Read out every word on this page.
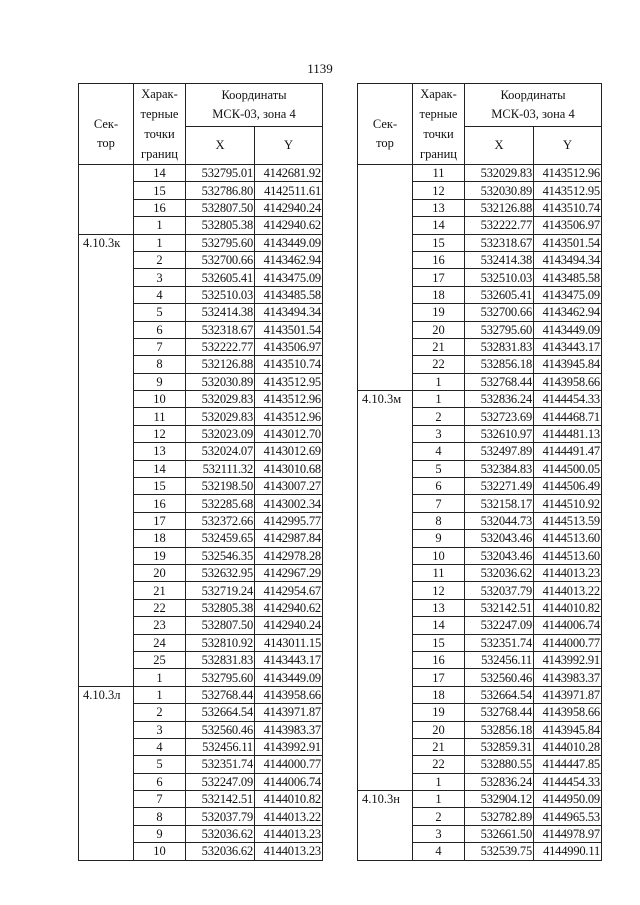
1139
Сек-
тор	Харак-
терные
точки
границ	Координаты
МСК-03, зона 4	
		X	Y
	14	532795.01	4142681.92
	15	532786.80	4142511.61
	16	532807.50	4142940.24
	1	532805.38	4142940.62
4.10.3к	1	532795.60	4143449.09
	2	532700.66	4143462.94
	3	532605.41	4143475.09
	4	532510.03	4143485.58
	5	532414.38	4143494.34
	6	532318.67	4143501.54
	7	532222.77	4143506.97
	8	532126.88	4143510.74
	9	532030.89	4143512.95
	10	532029.83	4143512.96
	11	532029.83	4143512.96
	12	532023.09	4143012.70
	13	532024.07	4143012.69
	14	532111.32	4143010.68
	15	532198.50	4143007.27
	16	532285.68	4143002.34
	17	532372.66	4142995.77
	18	532459.65	4142987.84
	19	532546.35	4142978.28
	20	532632.95	4142967.29
	21	532719.24	4142954.67
	22	532805.38	4142940.62
	23	532807.50	4142940.24
	24	532810.92	4143011.15
	25	532831.83	4143443.17
	1	532795.60	4143449.09
4.10.3л	1	532768.44	4143958.66
	2	532664.54	4143971.87
	3	532560.46	4143983.37
	4	532456.11	4143992.91
	5	532351.74	4144000.77
	6	532247.09	4144006.74
	7	532142.51	4144010.82
	8	532037.79	4144013.22
	9	532036.62	4144013.23
	10	532036.62	4144013.23
Сек-
тор	Харак-
терные
точки
границ	Координаты
МСК-03, зона 4	
		X	Y
	11	532029.83	4143512.96
	12	532030.89	4143512.95
	13	532126.88	4143510.74
	14	532222.77	4143506.97
	15	532318.67	4143501.54
	16	532414.38	4143494.34
	17	532510.03	4143485.58
	18	532605.41	4143475.09
	19	532700.66	4143462.94
	20	532795.60	4143449.09
	21	532831.83	4143443.17
	22	532856.18	4143945.84
	1	532768.44	4143958.66
4.10.3м	1	532836.24	4144454.33
	2	532723.69	4144468.71
	3	532610.97	4144481.13
	4	532497.89	4144491.47
	5	532384.83	4144500.05
	6	532271.49	4144506.49
	7	532158.17	4144510.92
	8	532044.73	4144513.59
	9	532043.46	4144513.60
	10	532043.46	4144513.60
	11	532036.62	4144013.23
	12	532037.79	4144013.22
	13	532142.51	4144010.82
	14	532247.09	4144006.74
	15	532351.74	4144000.77
	16	532456.11	4143992.91
	17	532560.46	4143983.37
	18	532664.54	4143971.87
	19	532768.44	4143958.66
	20	532856.18	4143945.84
	21	532859.31	4144010.28
	22	532880.55	4144447.85
	1	532836.24	4144454.33
4.10.3н	1	532904.12	4144950.09
	2	532782.89	4144965.53
	3	532661.50	4144978.97
	4	532539.75	4144990.11
